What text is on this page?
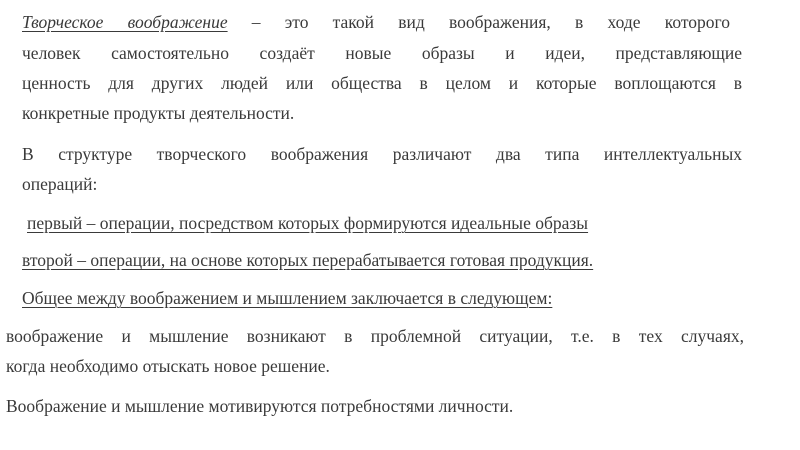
Творческое воображение – это такой вид воображения, в ходе которого
человек самостоятельно создаёт новые образы и идеи, представляющие
ценность для других людей или общества в целом и которые воплощаются в
конкретные продукты деятельности.
В структуре творческого воображения различают два типа интеллектуальных
операций:
первый – операции, посредством которых формируются идеальные образы
второй – операции, на основе которых перерабатывается готовая продукция.
Общее между воображением и мышлением заключается в следующем:
воображение и мышление возникают в проблемной ситуации, т.е. в тех случаях,
когда необходимо отыскать новое решение.
Воображение и мышление мотивируются потребностями личности.
